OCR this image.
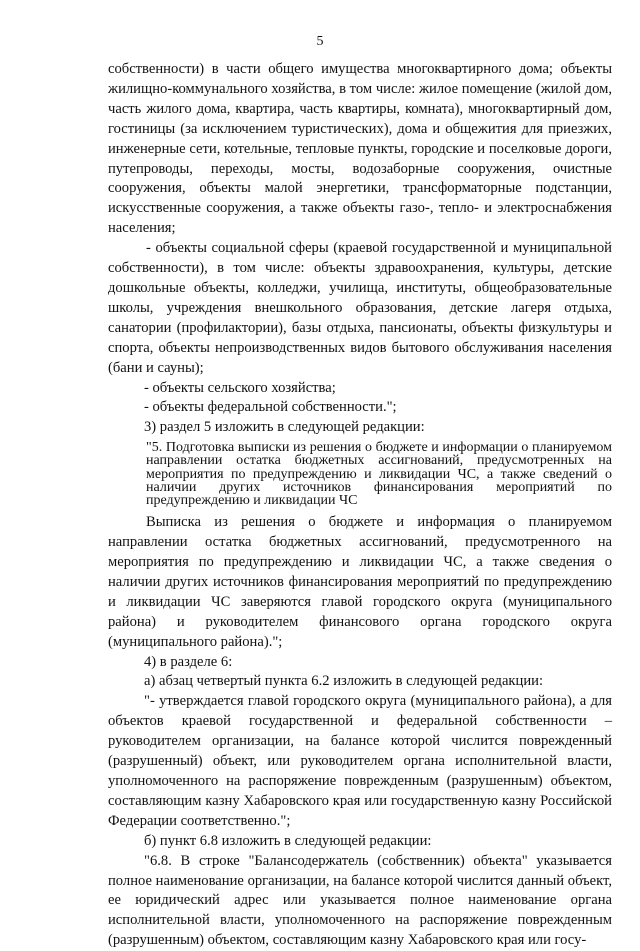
5

собственности) в части общего имущества многоквартирного дома; объекты жилищно-коммунального хозяйства, в том числе: жилое помещение (жилой дом, часть жилого дома, квартира, часть квартиры, комната), многоквартирный дом, гостиницы (за исключением туристических), дома и общежития для приезжих, инженерные сети, котельные, тепловые пункты, городские и поселковые дороги, путепроводы, переходы, мосты, водозаборные сооружения, очистные сооружения, объекты малой энергетики, трансформаторные подстанции, искусственные сооружения, а также объекты газо-, тепло- и электроснабжения населения;

- объекты социальной сферы (краевой государственной и муниципальной собственности), в том числе: объекты здравоохранения, культуры, детские дошкольные объекты, колледжи, училища, институты, общеобразовательные школы, учреждения внешкольного образования, детские лагеря отдыха, санатории (профилактории), базы отдыха, пансионаты, объекты физкультуры и спорта, объекты непроизводственных видов бытового обслуживания населения (бани и сауны);

- объекты сельского хозяйства;

- объекты федеральной собственности.";

3) раздел 5 изложить в следующей редакции:

"5. Подготовка выписки из решения о бюджете и информации о планируемом направлении остатка бюджетных ассигнований, предусмотренных на мероприятия по предупреждению и ликвидации ЧС, а также сведений о наличии других источников финансирования мероприятий по предупреждению и ликвидации ЧС

Выписка из решения о бюджете и информация о планируемом направлении остатка бюджетных ассигнований, предусмотренного на мероприятия по предупреждению и ликвидации ЧС, а также сведения о наличии других источников финансирования мероприятий по предупреждению и ликвидации ЧС заверяются главой городского округа (муниципального района) и руководителем финансового органа городского округа (муниципального района).";

4) в разделе 6:

а) абзац четвертый пункта 6.2 изложить в следующей редакции:

"- утверждается главой городского округа (муниципального района), а для объектов краевой государственной и федеральной собственности – руководителем организации, на балансе которой числится поврежденный (разрушенный) объект, или руководителем органа исполнительной власти, уполномоченного на распоряжение поврежденным (разрушенным) объектом, составляющим казну Хабаровского края или государственную казну Российской Федерации соответственно.";

б) пункт 6.8 изложить в следующей редакции:

"6.8. В строке "Балансодержатель (собственник) объекта" указывается полное наименование организации, на балансе которой числится данный объект, ее юридический адрес или указывается полное наименование органа исполнительной власти, уполномоченного на распоряжение поврежденным (разрушенным) объектом, составляющим казну Хабаровского края или госу-
